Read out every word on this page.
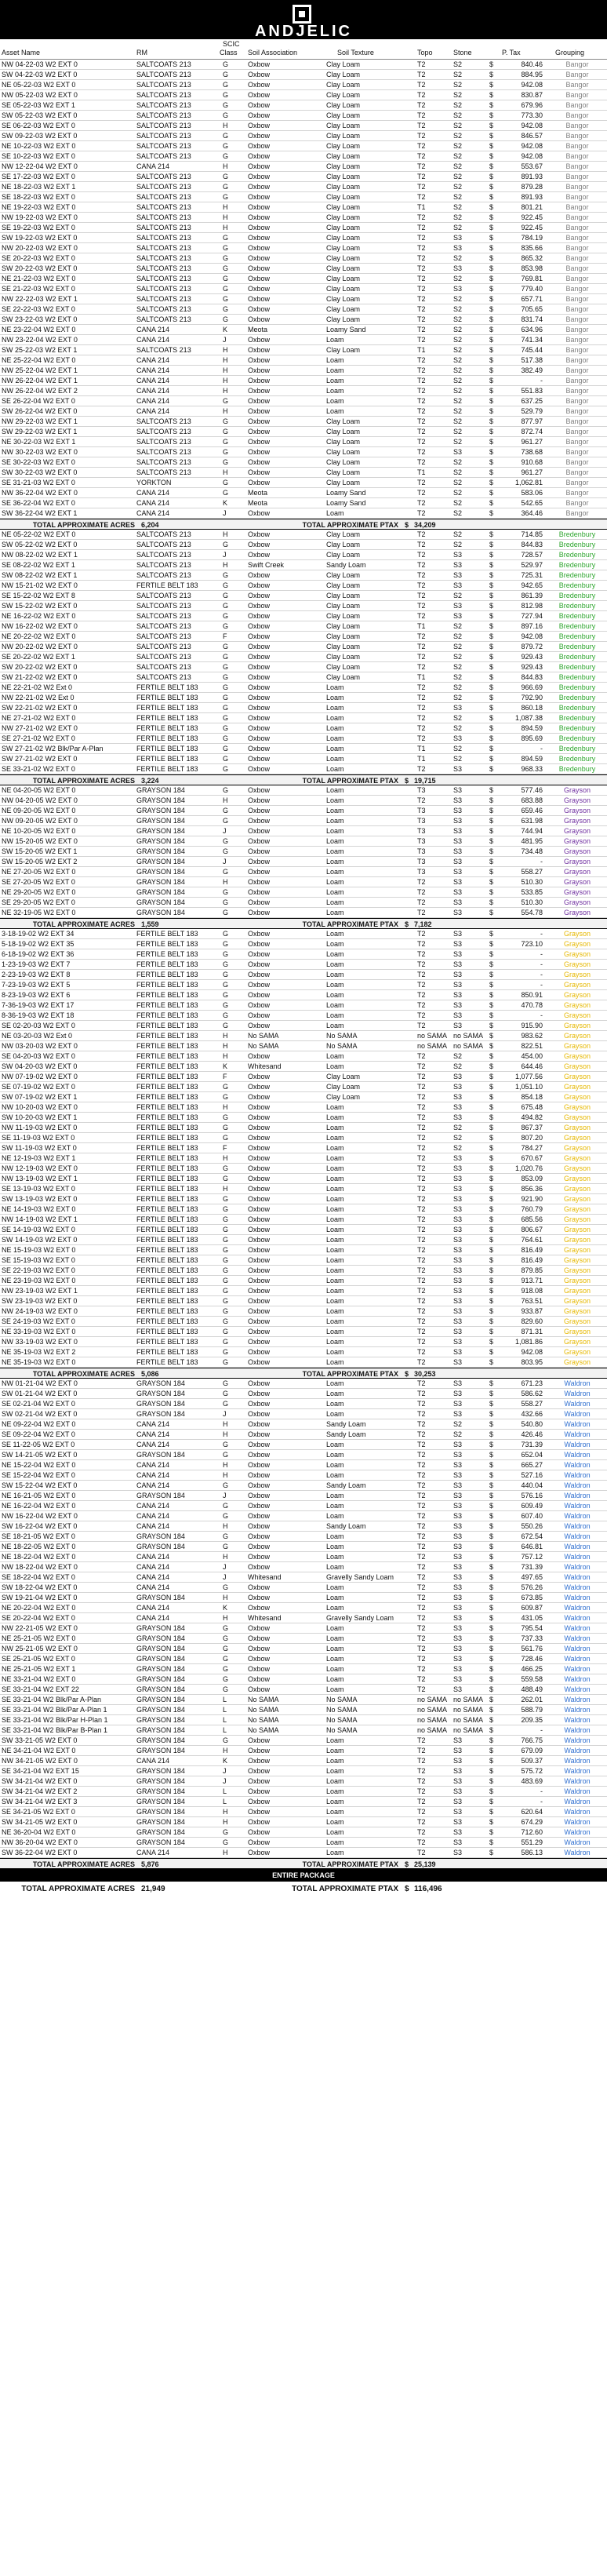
ANDJELIC
Asset Name	RM
SCIC
Class Soil Association	Soil Texture	Topo	Stone	P. Tax	Grouping
NW 04-22-03 W2 EXT 0	SALTCOATS 213	G	Oxbow	Clay Loam	T2	S2	$	840.46	Bangor
SW 04-22-03 W2 EXT 0	SALTCOATS 213	G	Oxbow	Clay Loam	T2	S2	$	884.95	Bangor
NE 05-22-03 W2 EXT 0	SALTCOATS 213	G	Oxbow	Clay Loam	T2	S2	$	942.08	Bangor
NW 05-22-03 W2 EXT 0	SALTCOATS 213	G	Oxbow	Clay Loam	T2	S2	$	830.87	Bangor
SE 05-22-03 W2 EXT 1	SALTCOATS 213	G	Oxbow	Clay Loam	T2	S2	$	679.96	Bangor
SW 05-22-03 W2 EXT 0	SALTCOATS 213	G	Oxbow	Clay Loam	T2	S2	$	773.30	Bangor
SE 06-22-03 W2 EXT 0	SALTCOATS 213	H	Oxbow	Clay Loam	T2	S2	$	942.08	Bangor
SW 09-22-03 W2 EXT 0	SALTCOATS 213	G	Oxbow	Clay Loam	T2	S2	$	846.57	Bangor
NE 10-22-03 W2 EXT 0	SALTCOATS 213	G	Oxbow	Clay Loam	T2	S2	$	942.08	Bangor
SE 10-22-03 W2 EXT 0	SALTCOATS 213	G	Oxbow	Clay Loam	T2	S2	$	942.08	Bangor
NW 12-22-04 W2 EXT 0	CANA 214	H	Oxbow	Clay Loam	T2	S2	$	553.67	Bangor
SE 17-22-03 W2 EXT 0	SALTCOATS 213	G	Oxbow	Clay Loam	T2	S2	$	891.93	Bangor
NE 18-22-03 W2 EXT 1	SALTCOATS 213	G	Oxbow	Clay Loam	T2	S2	$	879.28	Bangor
SE 18-22-03 W2 EXT 0	SALTCOATS 213	G	Oxbow	Clay Loam	T2	S2	$	891.93	Bangor
NE 19-22-03 W2 EXT 0	SALTCOATS 213	H	Oxbow	Clay Loam	T1	S2	$	801.21	Bangor
NW 19-22-03 W2 EXT 0	SALTCOATS 213	H	Oxbow	Clay Loam	T2	S2	$	922.45	Bangor
SE 19-22-03 W2 EXT 0	SALTCOATS 213	H	Oxbow	Clay Loam	T2	S2	$	922.45	Bangor
SW 19-22-03 W2 EXT 0	SALTCOATS 213	G	Oxbow	Clay Loam	T2	S3	$	784.19	Bangor
NW 20-22-03 W2 EXT 0	SALTCOATS 213	G	Oxbow	Clay Loam	T2	S3	$	835.66	Bangor
SE 20-22-03 W2 EXT 0	SALTCOATS 213	G	Oxbow	Clay Loam	T2	S2	$	865.32	Bangor
SW 20-22-03 W2 EXT 0	SALTCOATS 213	G	Oxbow	Clay Loam	T2	S3	$	853.98	Bangor
NE 21-22-03 W2 EXT 0	SALTCOATS 213	G	Oxbow	Clay Loam	T2	S2	$	769.81	Bangor
SE 21-22-03 W2 EXT 0	SALTCOATS 213	G	Oxbow	Clay Loam	T2	S3	$	779.40	Bangor
NW 22-22-03 W2 EXT 1	SALTCOATS 213	G	Oxbow	Clay Loam	T2	S2	$	657.71	Bangor
SE 22-22-03 W2 EXT 0	SALTCOATS 213	G	Oxbow	Clay Loam	T2	S2	$	705.65	Bangor
SW 23-22-03 W2 EXT 0	SALTCOATS 213	G	Oxbow	Clay Loam	T2	S2	$	831.74	Bangor
NE 23-22-04 W2 EXT 0	CANA 214	K	Meota	Loamy Sand	T2	S2	$	634.96	Bangor
NW 23-22-04 W2 EXT 0	CANA 214	J	Oxbow	Loam	T2	S2	$	741.34	Bangor
SW 25-22-03 W2 EXT 1	SALTCOATS 213	H	Oxbow	Clay Loam	T1	S2	$	745.44	Bangor
NE 25-22-04 W2 EXT 0	CANA 214	H	Oxbow	Loam	T2	S2	$	517.38	Bangor
NW 25-22-04 W2 EXT 1	CANA 214	H	Oxbow	Loam	T2	S2	$	382.49	Bangor
NW 26-22-04 W2 EXT 1	CANA 214	H	Oxbow	Loam	T2	S2	$	-	Bangor
NW 26-22-04 W2 EXT 2	CANA 214	H	Oxbow	Loam	T2	S2	$	551.83	Bangor
SE 26-22-04 W2 EXT 0	CANA 214	G	Oxbow	Loam	T2	S2	$	637.25	Bangor
SW 26-22-04 W2 EXT 0	CANA 214	H	Oxbow	Loam	T2	S2	$	529.79	Bangor
NW 29-22-03 W2 EXT 1	SALTCOATS 213	G	Oxbow	Clay Loam	T2	S2	$	877.97	Bangor
SW 29-22-03 W2 EXT 1	SALTCOATS 213	G	Oxbow	Clay Loam	T2	S2	$	872.74	Bangor
NE 30-22-03 W2 EXT 1	SALTCOATS 213	G	Oxbow	Clay Loam	T2	S2	$	961.27	Bangor
NW 30-22-03 W2 EXT 0	SALTCOATS 213	G	Oxbow	Clay Loam	T2	S3	$	738.68	Bangor
SE 30-22-03 W2 EXT 0	SALTCOATS 213	G	Oxbow	Clay Loam	T2	S2	$	910.68	Bangor
SW 30-22-03 W2 EXT 0	SALTCOATS 213	H	Oxbow	Clay Loam	T1	S2	$	961.27	Bangor
SE 31-21-03 W2 EXT 0	YORKTON	G	Oxbow	Clay Loam	T2	S2	$	1,062.81	Bangor
NW 36-22-04 W2 EXT 0	CANA 214	G	Meota	Loamy Sand	T2	S2	$	583.06	Bangor
SE 36-22-04 W2 EXT 0	CANA 214	K	Meota	Loamy Sand	T2	S2	$	542.65	Bangor
SW 36-22-04 W2 EXT 1	CANA 214	J	Oxbow	Loam	T2	S2	$	364.46	Bangor
TOTAL APPROXIMATE ACRES 6,204	TOTAL APPROXIMATE PTAX $ 34,209
NE 05-22-02 W2 EXT 0	SALTCOATS 213	H	Oxbow	Clay Loam	T2	S2	$	714.85	Bredenbury
SW 05-22-02 W2 EXT 0	SALTCOATS 213	G	Oxbow	Clay Loam	T2	S2	$	844.83	Bredenbury
NW 08-22-02 W2 EXT 1	SALTCOATS 213	J	Oxbow	Clay Loam	T2	S3	$	728.57	Bredenbury
SE 08-22-02 W2 EXT 1	SALTCOATS 213	H	Swift Creek	Sandy Loam	T2	S3	$	529.97	Bredenbury
SW 08-22-02 W2 EXT 1	SALTCOATS 213	G	Oxbow	Clay Loam	T2	S3	$	725.31	Bredenbury
NW 15-21-02 W2 EXT 0	FERTILE BELT 183	G	Oxbow	Clay Loam	T2	S3	$	942.65	Bredenbury
SE 15-22-02 W2 EXT 8	SALTCOATS 213	G	Oxbow	Clay Loam	T2	S2	$	861.39	Bredenbury
SW 15-22-02 W2 EXT 0	SALTCOATS 213	G	Oxbow	Clay Loam	T2	S3	$	812.98	Bredenbury
NE 16-22-02 W2 EXT 0	SALTCOATS 213	G	Oxbow	Clay Loam	T2	S3	$	727.94	Bredenbury
NW 16-22-02 W2 EXT 0	SALTCOATS 213	G	Oxbow	Clay Loam	T1	S2	$	897.16	Bredenbury
NE 20-22-02 W2 EXT 0	SALTCOATS 213	F	Oxbow	Clay Loam	T2	S2	$	942.08	Bredenbury
NW 20-22-02 W2 EXT 0	SALTCOATS 213	G	Oxbow	Clay Loam	T2	S2	$	879.72	Bredenbury
SE 20-22-02 W2 EXT 1	SALTCOATS 213	G	Oxbow	Clay Loam	T2	S2	$	929.43	Bredenbury
SW 20-22-02 W2 EXT 0	SALTCOATS 213	G	Oxbow	Clay Loam	T2	S2	$	929.43	Bredenbury
SW 21-22-02 W2 EXT 0	SALTCOATS 213	G	Oxbow	Clay Loam	T1	S2	$	844.83	Bredenbury
NE 22-21-02 W2 Ext 0	FERTILE BELT 183	G	Oxbow	Loam	T2	S2	$	966.69	Bredenbury
NW 22-21-02 W2 Ext 0	FERTILE BELT 183	G	Oxbow	Loam	T2	S2	$	792.90	Bredenbury
SW 22-21-02 W2 EXT 0	FERTILE BELT 183	G	Oxbow	Loam	T2	S3	$	860.18	Bredenbury
NE 27-21-02 W2 EXT 0	FERTILE BELT 183	G	Oxbow	Loam	T2	S2	$	1,087.38	Bredenbury
NW 27-21-02 W2 EXT 0	FERTILE BELT 183	G	Oxbow	Loam	T2	S2	$	894.59	Bredenbury
SE 27-21-02 W2 EXT 0	FERTILE BELT 183	G	Oxbow	Loam	T2	S3	$	895.69	Bredenbury
SW 27-21-02 W2 Blk/Par A-Plan	FERTILE BELT 183	G	Oxbow	Loam	T1	S2	$	-	Bredenbury
SW 27-21-02 W2 EXT 0	FERTILE BELT 183	G	Oxbow	Loam	T1	S2	$	894.59	Bredenbury
SE 33-21-02 W2 EXT 0	FERTILE BELT 183	G	Oxbow	Loam	T2	S3	$	968.33	Bredenbury
TOTAL APPROXIMATE ACRES 3,224	TOTAL APPROXIMATE PTAX $ 19,715
NE 04-20-05 W2 EXT 0	GRAYSON 184	G	Oxbow	Loam	T3	S3	$	577.46	Grayson
NW 04-20-05 W2 EXT 0	GRAYSON 184	H	Oxbow	Loam	T2	S3	$	683.88	Grayson
NE 09-20-05 W2 EXT 0	GRAYSON 184	G	Oxbow	Loam	T3	S3	$	659.46	Grayson
NW 09-20-05 W2 EXT 0	GRAYSON 184	G	Oxbow	Loam	T3	S3	$	631.98	Grayson
NE 10-20-05 W2 EXT 0	GRAYSON 184	J	Oxbow	Loam	T3	S3	$	744.94	Grayson
NW 15-20-05 W2 EXT 0	GRAYSON 184	G	Oxbow	Loam	T3	S3	$	481.95	Grayson
SW 15-20-05 W2 EXT 1	GRAYSON 184	G	Oxbow	Loam	T3	S3	$	734.48	Grayson
SW 15-20-05 W2 EXT 2	GRAYSON 184	J	Oxbow	Loam	T3	S3	$	-	Grayson
NE 27-20-05 W2 EXT 0	GRAYSON 184	G	Oxbow	Loam	T3	S3	$	558.27	Grayson
SE 27-20-05 W2 EXT 0	GRAYSON 184	H	Oxbow	Loam	T2	S3	$	510.30	Grayson
NE 29-20-05 W2 EXT 0	GRAYSON 184	G	Oxbow	Loam	T2	S3	$	533.85	Grayson
SE 29-20-05 W2 EXT 0	GRAYSON 184	G	Oxbow	Loam	T2	S3	$	510.30	Grayson
NE 32-19-05 W2 EXT 0	GRAYSON 184	G	Oxbow	Loam	T2	S3	$	554.78	Grayson
TOTAL APPROXIMATE ACRES 1,559	TOTAL APPROXIMATE PTAX $ 7,182
3-18-19-02 W2 EXT 34	FERTILE BELT 183	G	Oxbow	Loam	T2	S3	$	-	Grayson
5-18-19-02 W2 EXT 35	FERTILE BELT 183	G	Oxbow	Loam	T2	S3	$	723.10	Grayson
6-18-19-02 W2 EXT 36	FERTILE BELT 183	G	Oxbow	Loam	T2	S3	$	-	Grayson
1-23-19-03 W2 EXT 7	FERTILE BELT 183	G	Oxbow	Loam	T2	S3	$	-	Grayson
2-23-19-03 W2 EXT 8	FERTILE BELT 183	G	Oxbow	Loam	T2	S3	$	-	Grayson
7-23-19-03 W2 EXT 5	FERTILE BELT 183	G	Oxbow	Loam	T2	S3	$	-	Grayson
8-23-19-03 W2 EXT 6	FERTILE BELT 183	G	Oxbow	Loam	T2	S3	$	850.91	Grayson
7-36-19-03 W2 EXT 17	FERTILE BELT 183	G	Oxbow	Loam	T2	S3	$	470.78	Grayson
8-36-19-03 W2 EXT 18	FERTILE BELT 183	G	Oxbow	Loam	T2	S3	$	-	Grayson
SE 02-20-03 W2 EXT 0	FERTILE BELT 183	G	Oxbow	Loam	T2	S3	$	915.90	Grayson
NE 03-20-03 W2 Ext 0	FERTILE BELT 183	H	No SAMA	No SAMA	no SAMA no SAMA $	983.62	Grayson
NW 03-20-03 W2 EXT 0	FERTILE BELT 183	H	No SAMA	No SAMA	no SAMA no SAMA $	822.51	Grayson
SE 04-20-03 W2 EXT 0	FERTILE BELT 183	H	Oxbow	Loam	T2	S2	$	454.00	Grayson
SW 04-20-03 W2 EXT 0	FERTILE BELT 183	K	Whitesand	Loam	T2	S2	$	644.46	Grayson
NW 07-19-02 W2 EXT 0	FERTILE BELT 183	F	Oxbow	Clay Loam	T2	S3	$	1,077.56	Grayson
SE 07-19-02 W2 EXT 0	FERTILE BELT 183	G	Oxbow	Clay Loam	T2	S3	$	1,051.10	Grayson
SW 07-19-02 W2 EXT 1	FERTILE BELT 183	G	Oxbow	Clay Loam	T2	S3	$	854.18	Grayson
NW 10-20-03 W2 EXT 0	FERTILE BELT 183	H	Oxbow	Loam	T2	S3	$	675.48	Grayson
SW 10-20-03 W2 EXT 1	FERTILE BELT 183	G	Oxbow	Loam	T2	S3	$	494.82	Grayson
NW 11-19-03 W2 EXT 0	FERTILE BELT 183	G	Oxbow	Loam	T2	S2	$	867.37	Grayson
SE 11-19-03 W2 EXT 0	FERTILE BELT 183	G	Oxbow	Loam	T2	S2	$	807.20	Grayson
SW 11-19-03 W2 EXT 0	FERTILE BELT 183	F	Oxbow	Loam	T2	S2	$	784.27	Grayson
NE 12-19-03 W2 EXT 1	FERTILE BELT 183	H	Oxbow	Loam	T2	S3	$	670.67	Grayson
NW 12-19-03 W2 EXT 0	FERTILE BELT 183	G	Oxbow	Loam	T2	S3	$	1,020.76	Grayson
NW 13-19-03 W2 EXT 1	FERTILE BELT 183	G	Oxbow	Loam	T2	S3	$	853.09	Grayson
SE 13-19-03 W2 EXT 0	FERTILE BELT 183	H	Oxbow	Loam	T2	S3	$	856.36	Grayson
SW 13-19-03 W2 EXT 0	FERTILE BELT 183	G	Oxbow	Loam	T2	S3	$	921.90	Grayson
NE 14-19-03 W2 EXT 0	FERTILE BELT 183	G	Oxbow	Loam	T2	S3	$	760.79	Grayson
NW 14-19-03 W2 EXT 1	FERTILE BELT 183	G	Oxbow	Loam	T2	S3	$	685.56	Grayson
SE 14-19-03 W2 EXT 0	FERTILE BELT 183	G	Oxbow	Loam	T2	S3	$	806.67	Grayson
SW 14-19-03 W2 EXT 0	FERTILE BELT 183	G	Oxbow	Loam	T2	S3	$	764.61	Grayson
NE 15-19-03 W2 EXT 0	FERTILE BELT 183	G	Oxbow	Loam	T2	S3	$	816.49	Grayson
SE 15-19-03 W2 EXT 0	FERTILE BELT 183	G	Oxbow	Loam	T2	S3	$	816.49	Grayson
SE 22-19-03 W2 EXT 0	FERTILE BELT 183	G	Oxbow	Loam	T2	S3	$	879.85	Grayson
NE 23-19-03 W2 EXT 0	FERTILE BELT 183	G	Oxbow	Loam	T2	S3	$	913.71	Grayson
NW 23-19-03 W2 EXT 1	FERTILE BELT 183	G	Oxbow	Loam	T2	S3	$	918.08	Grayson
SW 23-19-03 W2 EXT 0	FERTILE BELT 183	G	Oxbow	Loam	T2	S3	$	763.51	Grayson
NW 24-19-03 W2 EXT 0	FERTILE BELT 183	G	Oxbow	Loam	T2	S3	$	933.87	Grayson
SE 24-19-03 W2 EXT 0	FERTILE BELT 183	G	Oxbow	Loam	T2	S3	$	829.60	Grayson
NE 33-19-03 W2 EXT 0	FERTILE BELT 183	G	Oxbow	Loam	T2	S3	$	871.31	Grayson
NW 33-19-03 W2 EXT 0	FERTILE BELT 183	G	Oxbow	Loam	T2	S3	$	1,081.86	Grayson
NE 35-19-03 W2 EXT 2	FERTILE BELT 183	G	Oxbow	Loam	T2	S3	$	942.08	Grayson
NE 35-19-03 W2 EXT 0	FERTILE BELT 183	G	Oxbow	Loam	T2	S3	$	803.95	Grayson
TOTAL APPROXIMATE ACRES 5,086	TOTAL APPROXIMATE PTAX $ 30,253
NW 01-21-04 W2 EXT 0	GRAYSON 184	G	Oxbow	Loam	T2	S3	$	671.23	Waldron
SW 01-21-04 W2 EXT 0	GRAYSON 184	G	Oxbow	Loam	T2	S3	$	586.62	Waldron
SE 02-21-04 W2 EXT 0	GRAYSON 184	G	Oxbow	Loam	T2	S3	$	558.27	Waldron
SW 02-21-04 W2 EXT 0	GRAYSON 184	J	Oxbow	Loam	T2	S3	$	432.66	Waldron
NE 09-22-04 W2 EXT 0	CANA 214	H	Oxbow	Sandy Loam	T2	S2	$	540.80	Waldron
SE 09-22-04 W2 EXT 0	CANA 214	H	Oxbow	Sandy Loam	T2	S2	$	426.46	Waldron
SE 11-22-05 W2 EXT 0	CANA 214	G	Oxbow	Loam	T2	S3	$	731.39	Waldron
SW 14-21-05 W2 EXT 0	GRAYSON 184	G	Oxbow	Loam	T2	S3	$	652.04	Waldron
NE 15-22-04 W2 EXT 0	CANA 214	H	Oxbow	Loam	T2	S3	$	665.27	Waldron
SE 15-22-04 W2 EXT 0	CANA 214	H	Oxbow	Loam	T2	S3	$	527.16	Waldron
SW 15-22-04 W2 EXT 0	CANA 214	G	Oxbow	Sandy Loam	T2	S3	$	440.04	Waldron
NE 16-21-05 W2 EXT 0	GRAYSON 184	J	Oxbow	Loam	T2	S3	$	576.16	Waldron
NE 16-22-04 W2 EXT 0	CANA 214	G	Oxbow	Loam	T2	S3	$	609.49	Waldron
NW 16-22-04 W2 EXT 0	CANA 214	G	Oxbow	Loam	T2	S3	$	607.40	Waldron
SW 16-22-04 W2 EXT 0	CANA 214	H	Oxbow	Sandy Loam	T2	S3	$	550.26	Waldron
SE 18-21-05 W2 EXT 0	GRAYSON 184	G	Oxbow	Loam	T2	S3	$	672.54	Waldron
NE 18-22-05 W2 EXT 0	GRAYSON 184	G	Oxbow	Loam	T2	S3	$	646.81	Waldron
NE 18-22-04 W2 EXT 0	CANA 214	H	Oxbow	Loam	T2	S3	$	757.12	Waldron
NW 18-22-04 W2 EXT 0	CANA 214	J	Oxbow	Loam	T2	S3	$	731.39	Waldron
SE 18-22-04 W2 EXT 0	CANA 214	J	Whitesand	Gravelly Sandy Loam	T2	S3	$	497.65	Waldron
SW 18-22-04 W2 EXT 0	CANA 214	G	Oxbow	Loam	T2	S3	$	576.26	Waldron
SW 19-21-04 W2 EXT 0	GRAYSON 184	H	Oxbow	Loam	T2	S3	$	673.85	Waldron
NE 20-22-04 W2 EXT 0	CANA 214	K	Oxbow	Loam	T2	S3	$	609.87	Waldron
SE 20-22-04 W2 EXT 0	CANA 214	H	Whitesand	Gravelly Sandy Loam	T2	S3	$	431.05	Waldron
NW 22-21-05 W2 EXT 0	GRAYSON 184	G	Oxbow	Loam	T2	S3	$	795.54	Waldron
NE 25-21-05 W2 EXT 0	GRAYSON 184	G	Oxbow	Loam	T2	S3	$	737.33	Waldron
NW 25-21-05 W2 EXT 0	GRAYSON 184	G	Oxbow	Loam	T2	S3	$	561.76	Waldron
SE 25-21-05 W2 EXT 0	GRAYSON 184	G	Oxbow	Loam	T2	S3	$	728.46	Waldron
NE 25-21-05 W2 EXT 1	GRAYSON 184	G	Oxbow	Loam	T2	S3	$	466.25	Waldron
NE 33-21-04 W2 EXT 0	GRAYSON 184	G	Oxbow	Loam	T2	S3	$	559.58	Waldron
SE 33-21-04 W2 EXT 22	GRAYSON 184	G	Oxbow	Loam	T2	S3	$	488.49	Waldron
SE 33-21-04 W2 Blk/Par A-Plan	GRAYSON 184	L	No SAMA	No SAMA	no SAMA no SAMA $	262.01	Waldron
SE 33-21-04 W2 Blk/Par A-Plan 1	GRAYSON 184	L	No SAMA	No SAMA	no SAMA no SAMA $	588.79	Waldron
SE 33-21-04 W2 Blk/Par H-Plan 1	GRAYSON 184	L	No SAMA	No SAMA	no SAMA no SAMA $	209.35	Waldron
SE 33-21-04 W2 Blk/Par B-Plan 1	GRAYSON 184	L	No SAMA	No SAMA	no SAMA no SAMA $	-	Waldron
SW 33-21-05 W2 EXT 0	GRAYSON 184	G	Oxbow	Loam	T2	S3	$	766.75	Waldron
NE 34-21-04 W2 EXT 0	GRAYSON 184	H	Oxbow	Loam	T2	S3	$	679.09	Waldron
NW 34-21-05 W2 EXT 0	CANA 214	K	Oxbow	Loam	T2	S3	$	509.37	Waldron
SE 34-21-04 W2 EXT 15	GRAYSON 184	J	Oxbow	Loam	T2	S3	$	575.72	Waldron
SW 34-21-04 W2 EXT 0	GRAYSON 184	J	Oxbow	Loam	T2	S3	$	483.69	Waldron
SW 34-21-04 W2 EXT 2	GRAYSON 184	L	Oxbow	Loam	T2	S3	$	-	Waldron
SW 34-21-04 W2 EXT 3	GRAYSON 184	L	Oxbow	Loam	T2	S3	$	-	Waldron
SE 34-21-05 W2 EXT 0	GRAYSON 184	H	Oxbow	Loam	T2	S3	$	620.64	Waldron
SW 34-21-05 W2 EXT 0	GRAYSON 184	H	Oxbow	Loam	T2	S3	$	674.29	Waldron
NE 36-20-04 W2 EXT 0	GRAYSON 184	G	Oxbow	Loam	T2	S3	$	712.60	Waldron
NW 36-20-04 W2 EXT 0	GRAYSON 184	G	Oxbow	Loam	T2	S3	$	551.29	Waldron
SW 36-22-04 W2 EXT 0	CANA 214	H	Oxbow	Loam	T2	S3	$	586.13	Waldron
TOTAL APPROXIMATE ACRES 5,876	TOTAL APPROXIMATE PTAX $ 25,139
ENTIRE PACKAGE
TOTAL APPROXIMATE ACRES 21,949	TOTAL APPROXIMATE PTAX $ 116,496
